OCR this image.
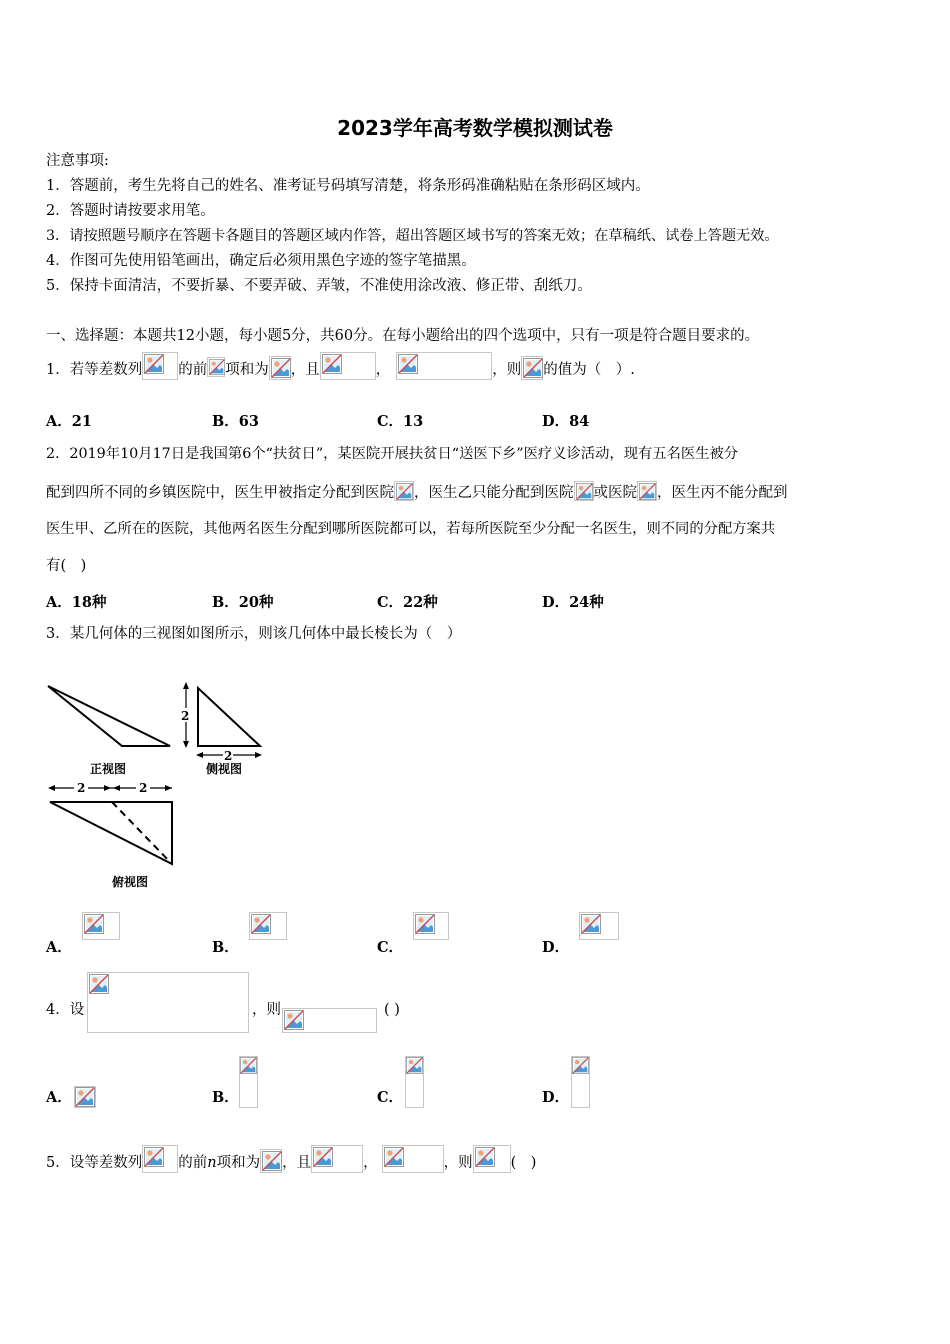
2023学年高考数学模拟测试卷
注意事项:
1．答题前，考生先将自己的姓名、准考证号码填写清楚，将条形码准确粘贴在条形码区域内。
2．答题时请按要求用笔。
3．请按照题号顺序在答题卡各题目的答题区域内作答，超出答题区域书写的答案无效；在草稿纸、试卷上答题无效。
4．作图可先使用铅笔画出，确定后必须用黑色字迹的签字笔描黑。
5．保持卡面清洁，不要折暴、不要弄破、弄皱，不准使用涂改液、修正带、刮纸刀。
一、选择题：本题共12小题，每小题5分，共60分。在每小题给出的四个选项中，只有一项是符合题目要求的。
1．若等差数列 的前 项和为 ，且	，	，则 的值为（　）.
A．21	B．63	C．13	D．84
2．2019年10月17日是我国第6个“扶贫日”，某医院开展扶贫日“送医下乡”医疗义诊活动，现有五名医生被分
配到四所不同的乡镇医院中，医生甲被指定分配到医院 ，医生乙只能分配到医院 或医院 ，医生丙不能分配到
医生甲、乙所在的医院，其他两名医生分配到哪所医院都可以，若每所医院至少分配一名医生，则不同的分配方案共
有(　)
A．18种	B．20种	C．22种	D．24种
3．某几何体的三视图如图所示，则该几何体中最长棱长为（　）
正视图
2
2
侧视图
2	2
俯视图
A．	B．	C．	D．
4．设	，则	( )
A．	B．	C．	D．
5．设等差数列 的前n项和为 ，且	，	，则	(　)
